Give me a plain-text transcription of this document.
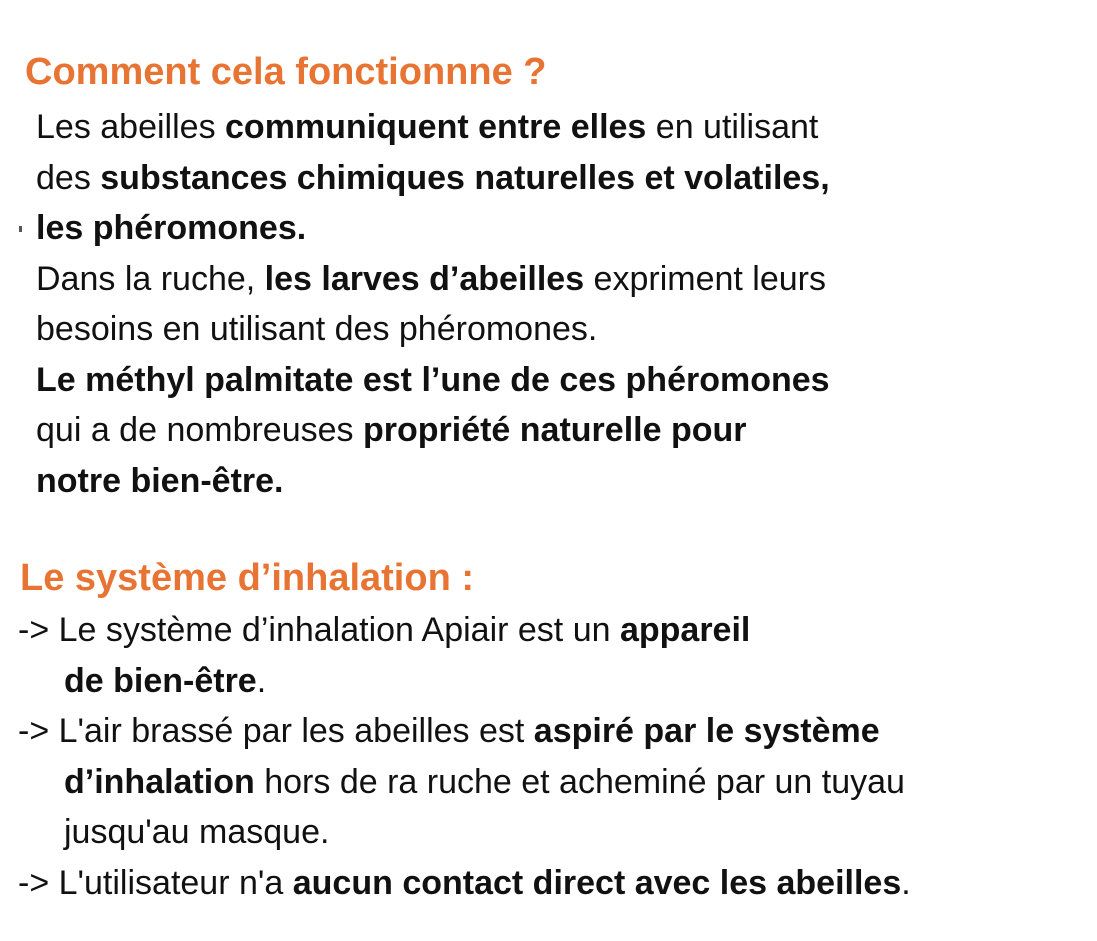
Comment cela fonctionnne ?
Les abeilles communiquent entre elles en utilisant
des substances chimiques naturelles et volatiles,
les phéromones.
Dans la ruche, les larves d’abeilles expriment leurs
besoins en utilisant des phéromones.
Le méthyl palmitate est l’une de ces phéromones
qui a de nombreuses propriété naturelle pour
notre bien-être.
Le système d’inhalation :
-> Le système d’inhalation Apiair est un appareil
de bien-être.
-> L'air brassé par les abeilles est aspiré par le système
d’inhalation hors de ra ruche et acheminé par un tuyau
jusqu'au masque.
-> L'utilisateur n'a aucun contact direct avec les abeilles.
